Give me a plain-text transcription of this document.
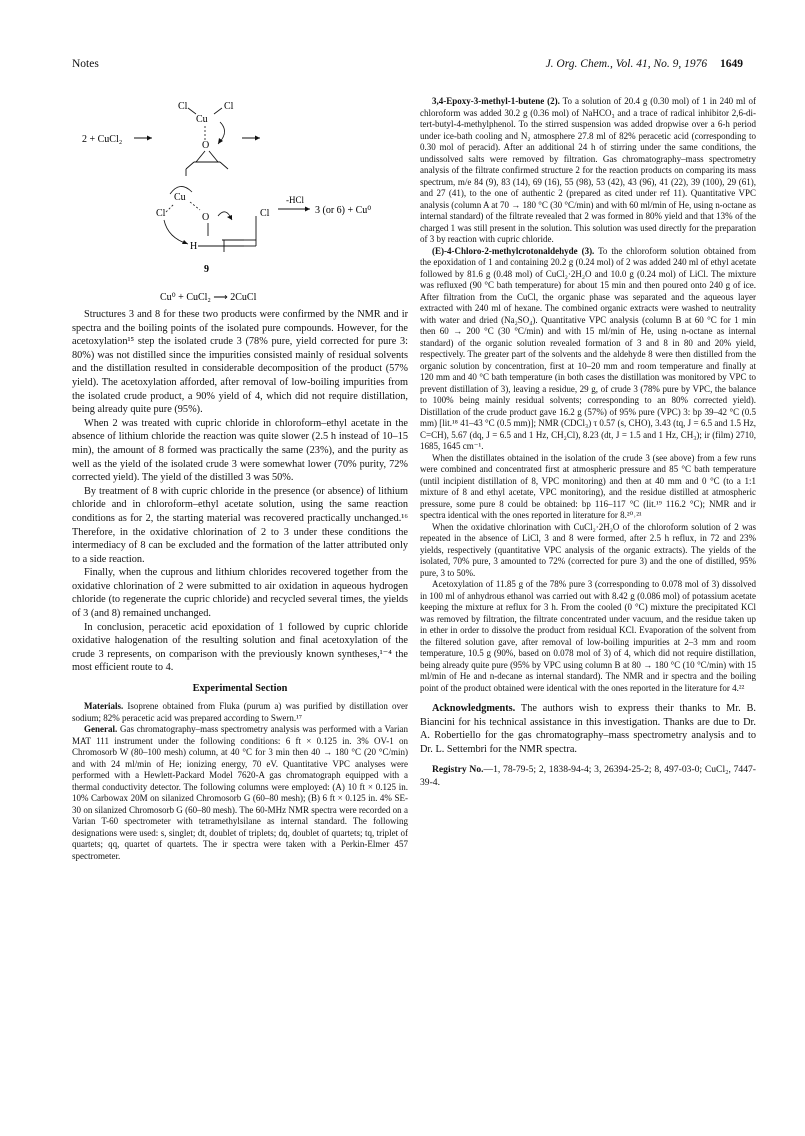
Notes	J. Org. Chem., Vol. 41, No. 9, 1976 1649
2 + CuCl₂
Cl	Cl
Cu
O
Cu
Cl	O
H
Cl
-HCl
3 (or 6) + Cu⁰
9
Cu⁰ + CuCl₂ ⟶ 2CuCl

Structures 3 and 8 for these two products were confirmed by the NMR and ir spectra and the boiling points of the isolated pure compounds. However, for the acetoxylation¹⁵ step the isolated crude 3 (78% pure, yield corrected for pure 3: 80%) was not distilled since the impurities consisted mainly of residual solvents and the distillation resulted in considerable decomposition of the product (57% yield). The acetoxylation afforded, after removal of low-boiling impurities from the isolated crude product, a 90% yield of 4, which did not require distillation, being already quite pure (95%).

When 2 was treated with cupric chloride in chloroform–ethyl acetate in the absence of lithium chloride the reaction was quite slower (2.5 h instead of 10–15 min), the amount of 8 formed was practically the same (23%), and the purity as well as the yield of the isolated crude 3 were somewhat lower (70% purity, 72% corrected yield). The yield of the distilled 3 was 50%.

By treatment of 8 with cupric chloride in the presence (or absence) of lithium chloride and in chloroform–ethyl acetate solution, using the same reaction conditions as for 2, the starting material was recovered practically unchanged.¹⁶ Therefore, in the oxidative chlorination of 2 to 3 under these conditions the intermediacy of 8 can be excluded and the formation of the latter attributed only to a side reaction.

Finally, when the cuprous and lithium chlorides recovered together from the oxidative chlorination of 2 were submitted to air oxidation in aqueous hydrogen chloride (to regenerate the cupric chloride) and recycled several times, the yields of 3 (and 8) remained unchanged.

In conclusion, peracetic acid epoxidation of 1 followed by cupric chloride oxidative halogenation of the resulting solution and final acetoxylation of the crude 3 represents, on comparison with the previously known syntheses,¹⁻⁴ the most efficient route to 4.

Experimental Section

Materials. Isoprene obtained from Fluka (purum a) was purified by distillation over sodium; 82% peracetic acid was prepared according to Swern.¹⁷

General. Gas chromatography–mass spectrometry analysis was performed with a Varian MAT 111 instrument under the following conditions: 6 ft × 0.125 in. 3% OV-1 on Chromosorb W (80–100 mesh) column, at 40 °C for 3 min then 40 → 180 °C (20 °C/min) and with 24 ml/min of He; ionizing energy, 70 eV. Quantitative VPC analyses were performed with a Hewlett-Packard Model 7620-A gas chromatograph equipped with a thermal conductivity detector. The following columns were employed: (A) 10 ft × 0.125 in. 10% Carbowax 20M on silanized Chromosorb G (60–80 mesh); (B) 6 ft × 0.125 in. 4% SE-30 on silanized Chromosorb G (60–80 mesh). The 60-MHz NMR spectra were recorded on a Varian T-60 spectrometer with tetramethylsilane as internal standard. The following designations were used: s, singlet; dt, doublet of triplets; dq, doublet of quartets; tq, triplet of quartets; qq, quartet of quartets. The ir spectra were taken with a Perkin-Elmer 457 spectrometer.

3,4-Epoxy-3-methyl-1-butene (2). To a solution of 20.4 g (0.30 mol) of 1 in 240 ml of chloroform was added 30.2 g (0.36 mol) of NaHCO₃ and a trace of radical inhibitor 2,6-di-tert-butyl-4-methylphenol. To the stirred suspension was added dropwise over a 6-h period under ice-bath cooling and N₂ atmosphere 27.8 ml of 82% peracetic acid (corresponding to 0.30 mol of peracid). After an additional 24 h of stirring under the same conditions, the undissolved salts were removed by filtration. Gas chromatography–mass spectrometry analysis of the filtrate confirmed structure 2 for the reaction products on comparing its mass spectrum, m/e 84 (9), 83 (14), 69 (16), 55 (98), 53 (42), 43 (96), 41 (22), 39 (100), 29 (61), and 27 (41), to the one of authentic 2 (prepared as cited under ref 11). Quantitative VPC analysis (column A at 70 → 180 °C (30 °C/min) and with 60 ml/min of He, using n-octane as internal standard) of the filtrate revealed that 2 was formed in 80% yield and that 13% of the charged 1 was still present in the solution. This solution was used directly for the preparation of 3 by reaction with cupric chloride.

(E)-4-Chloro-2-methylcrotonaldehyde (3). To the chloroform solution obtained from the epoxidation of 1 and containing 20.2 g (0.24 mol) of 2 was added 240 ml of ethyl acetate followed by 81.6 g (0.48 mol) of CuCl₂·2H₂O and 10.0 g (0.24 mol) of LiCl. The mixture was refluxed (90 °C bath temperature) for about 15 min and then poured onto 240 g of ice. After filtration from the CuCl, the organic phase was separated and the aqueous layer extracted with 240 ml of hexane. The combined organic extracts were washed to neutrality with water and dried (Na₂SO₄). Quantitative VPC analysis (column B at 60 °C for 1 min then 60 → 200 °C (30 °C/min) and with 15 ml/min of He, using n-octane as internal standard) of the organic solution revealed formation of 3 and 8 in 80 and 20% yield, respectively. The greater part of the solvents and the aldehyde 8 were then distilled from the organic solution by concentration, first at 10–20 mm and room temperature and finally at 120 mm and 40 °C bath temperature (in both cases the distillation was monitored by VPC to prevent distillation of 3), leaving a residue, 29 g, of crude 3 (78% pure by VPC, the balance to 100% being mainly residual solvents; corresponding to an 80% corrected yield). Distillation of the crude product gave 16.2 g (57%) of 95% pure (VPC) 3: bp 39–42 °C (0.5 mm) [lit.¹⁸ 41–43 °C (0.5 mm)]; NMR (CDCl₃) τ 0.57 (s, CHO), 3.43 (tq, J = 6.5 and 1.5 Hz, C=CH), 5.67 (dq, J = 6.5 and 1 Hz, CH₂Cl), 8.23 (dt, J = 1.5 and 1 Hz, CH₃); ir (film) 2710, 1685, 1645 cm⁻¹.

When the distillates obtained in the isolation of the crude 3 (see above) from a few runs were combined and concentrated first at atmospheric pressure and 85 °C bath temperature (until incipient distillation of 8, VPC monitoring) and then at 40 mm and 0 °C (to a 1:1 mixture of 8 and ethyl acetate, VPC monitoring), and the residue distilled at atmospheric pressure, some pure 8 could be obtained: bp 116–117 °C (lit.¹⁹ 116.2 °C); NMR and ir spectra identical with the ones reported in literature for 8.²⁰˒²¹

When the oxidative chlorination with CuCl₂·2H₂O of the chloroform solution of 2 was repeated in the absence of LiCl, 3 and 8 were formed, after 2.5 h reflux, in 72 and 23% yields, respectively (quantitative VPC analysis of the organic extracts). The yields of the isolated, 70% pure, 3 amounted to 72% (corrected for pure 3) and the one of distilled, 95% pure, 3 to 50%.

Acetoxylation of 11.85 g of the 78% pure 3 (corresponding to 0.078 mol of 3) dissolved in 100 ml of anhydrous ethanol was carried out with 8.42 g (0.086 mol) of potassium acetate keeping the mixture at reflux for 3 h. From the cooled (0 °C) mixture the precipitated KCl was removed by filtration, the filtrate concentrated under vacuum, and the residue taken up in ether in order to dissolve the product from residual KCl. Evaporation of the solvent from the filtered solution gave, after removal of low-boiling impurities at 2–3 mm and room temperature, 10.5 g (90%, based on 0.078 mol of 3) of 4, which did not require distillation, being already quite pure (95% by VPC using column B at 80 → 180 °C (10 °C/min) with 15 ml/min of He and n-decane as internal standard). The NMR and ir spectra and the boiling point of the product obtained were identical with the ones reported in the literature for 4.²²

Acknowledgments. The authors wish to express their thanks to Mr. B. Biancini for his technical assistance in this investigation. Thanks are due to Dr. A. Robertiello for the gas chromatography–mass spectrometry analysis and to Dr. L. Settembri for the NMR spectra.

Registry No.—1, 78-79-5; 2, 1838-94-4; 3, 26394-25-2; 8, 497-03-0; CuCl₂, 7447-39-4.
